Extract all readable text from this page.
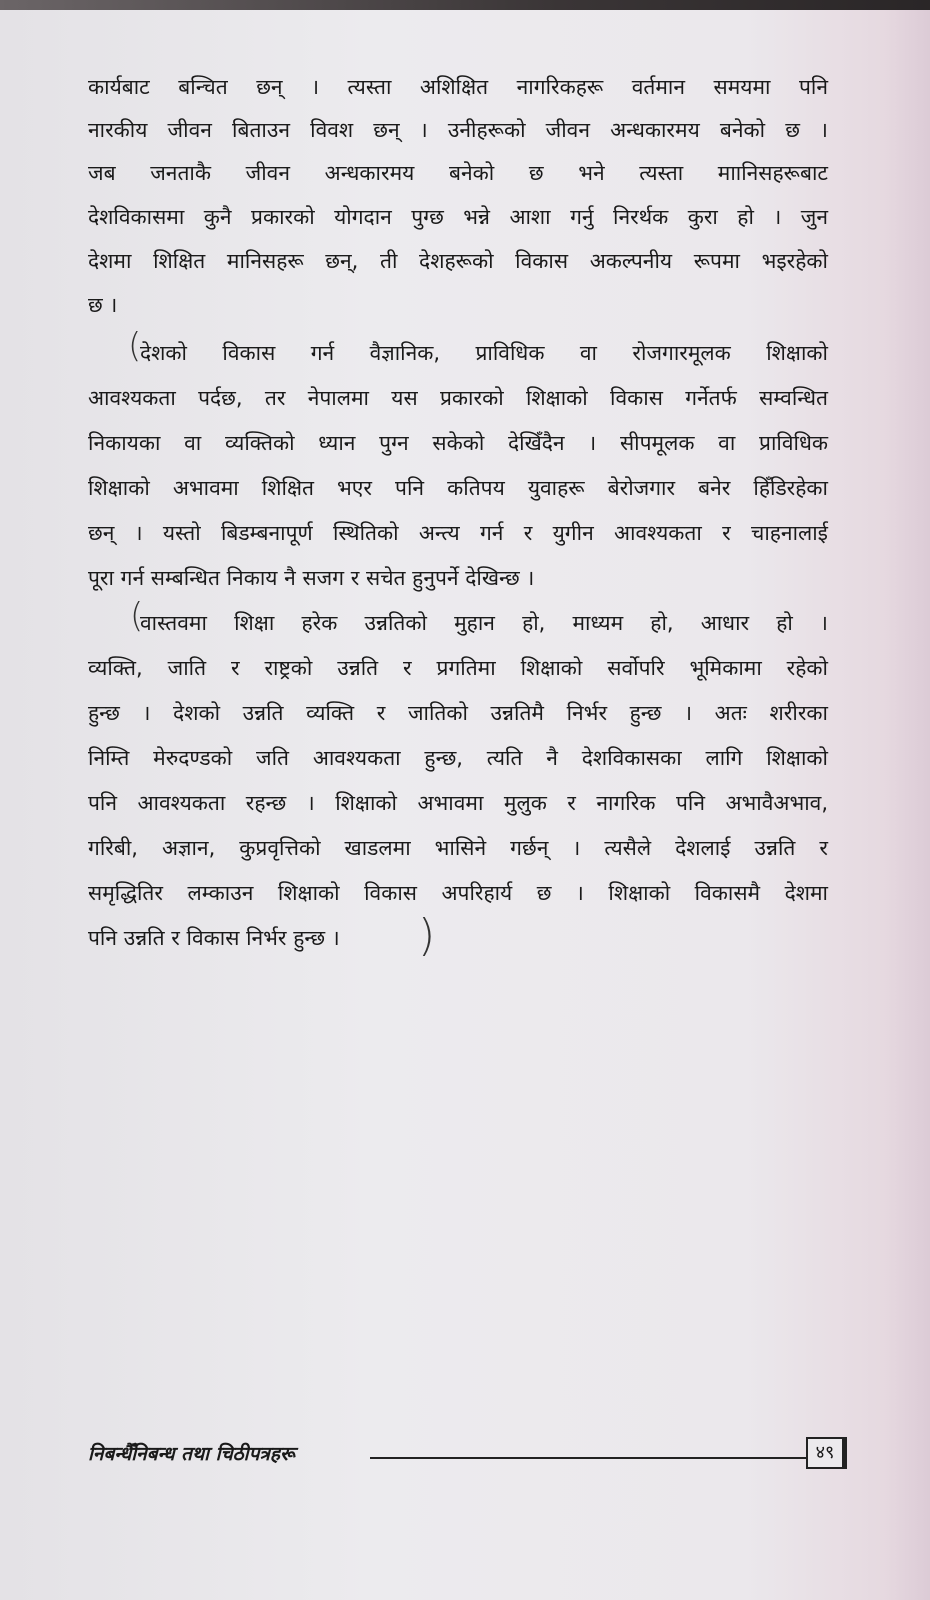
कार्यबाट बन्चित छन् । त्यस्ता अशिक्षित नागरिकहरू वर्तमान समयमा पनि
नारकीय जीवन बिताउन विवश छन् । उनीहरूको जीवन अन्धकारमय बनेको छ ।
जब जनताकै जीवन अन्धकारमय बनेको छ भने त्यस्ता माानिसहरूबाट
देशविकासमा कुनै प्रकारको योगदान पुग्छ भन्ने आशा गर्नु निरर्थक कुरा हो । जुन
देशमा शिक्षित मानिसहरू छन्, ती देशहरूको विकास अकल्पनीय रूपमा भइरहेको
छ ।
(
देशको विकास गर्न वैज्ञानिक, प्राविधिक वा रोजगारमूलक शिक्षाको
आवश्यकता पर्दछ, तर नेपालमा यस प्रकारको शिक्षाको विकास गर्नेतर्फ सम्वन्धित
निकायका वा व्यक्तिको ध्यान पुग्न सकेको देखिँदैन । सीपमूलक वा प्राविधिक
शिक्षाको अभावमा शिक्षित भएर पनि कतिपय युवाहरू बेरोजगार बनेर हिँडिरहेका
छन् । यस्तो बिडम्बनापूर्ण स्थितिको अन्त्य गर्न र युगीन आवश्यकता र चाहनालाई
पूरा गर्न सम्बन्धित निकाय नै सजग र सचेत हुनुपर्ने देखिन्छ ।
(
वास्तवमा शिक्षा हरेक उन्नतिको मुहान हो, माध्यम हो, आधार हो ।
व्यक्ति, जाति र राष्ट्रको उन्नति र प्रगतिमा शिक्षाको सर्वोपरि भूमिकामा रहेको
हुन्छ । देशको उन्नति व्यक्ति र जातिको उन्नतिमै निर्भर हुन्छ । अतः शरीरका
निम्ति मेरुदण्डको जति आवश्यकता हुन्छ, त्यति नै देशविकासका लागि शिक्षाको
पनि आवश्यकता रहन्छ । शिक्षाको अभावमा मुलुक र नागरिक पनि अभावैअभाव,
गरिबी, अज्ञान, कुप्रवृत्तिको खाडलमा भासिने गर्छन् । त्यसैले देशलाई उन्नति र
समृद्धितिर लम्काउन शिक्षाको विकास अपरिहार्य छ । शिक्षाको विकासमै देशमा
पनि उन्नति र विकास निर्भर हुन्छ ।	)
निबन्धैँनिबन्ध तथा चिठीपत्रहरू	४९
